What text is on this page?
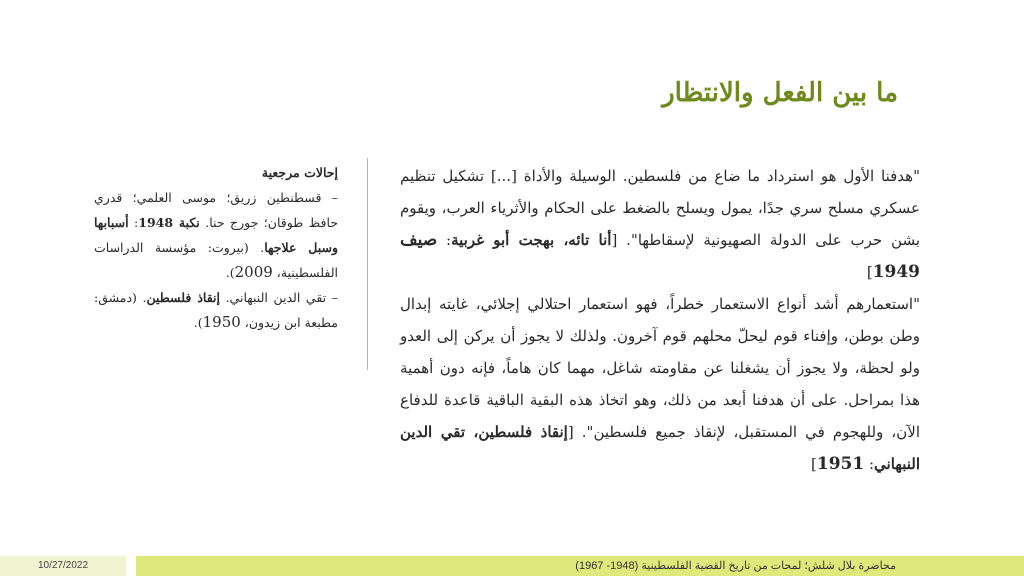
ما بين الفعل والانتظار

"هدفنا الأول هو استرداد ما ضاع من فلسطين. الوسيلة والأداة [...] تشكيل تنظيم عسكري مسلح سري جدًا، يمول ويسلح بالضغط على الحكام والأثرياء العرب، ويقوم بشن حرب على الدولة الصهيونية لإسقاطها". [أنا تائه، بهجت أبو غربية: صيف 1949]

"استعمارهم أشد أنواع الاستعمار خطراً، فهو استعمار احتلالي إجلائي، غايته إبدال وطن بوطن، وإفناء قوم ليحلّ محلهم قوم آخرون. ولذلك لا يجوز أن يركن إلى العدو ولو لحظة، ولا يجوز أن يشغلنا عن مقاومته شاغل، مهما كان هاماً، فإنه دون أهمية هذا بمراحل. على أن هدفنا أبعد من ذلك، وهو اتخاذ هذه البقية الباقية قاعدة للدفاع الآن، وللهجوم في المستقبل، لإنقاذ جميع فلسطين". [إنقاذ فلسطين، تقي الدين النبهاني: 1951]

إحالات مرجعية

– قسطنطين زريق؛ موسى العلمي؛ قدري حافظ طوقان؛ جورج حنا. نكبة 1948: أسبابها وسبل علاجها. (بيروت: مؤسسة الدراسات الفلسطينية، 2009).

– تقي الدين النبهاني. إنقاذ فلسطين. (دمشق: مطبعة ابن زيدون، 1950).

10/27/2022	محاضرة بلال شلش؛ لمحات من تاريخ القضية الفلسطينية (1948- 1967)
